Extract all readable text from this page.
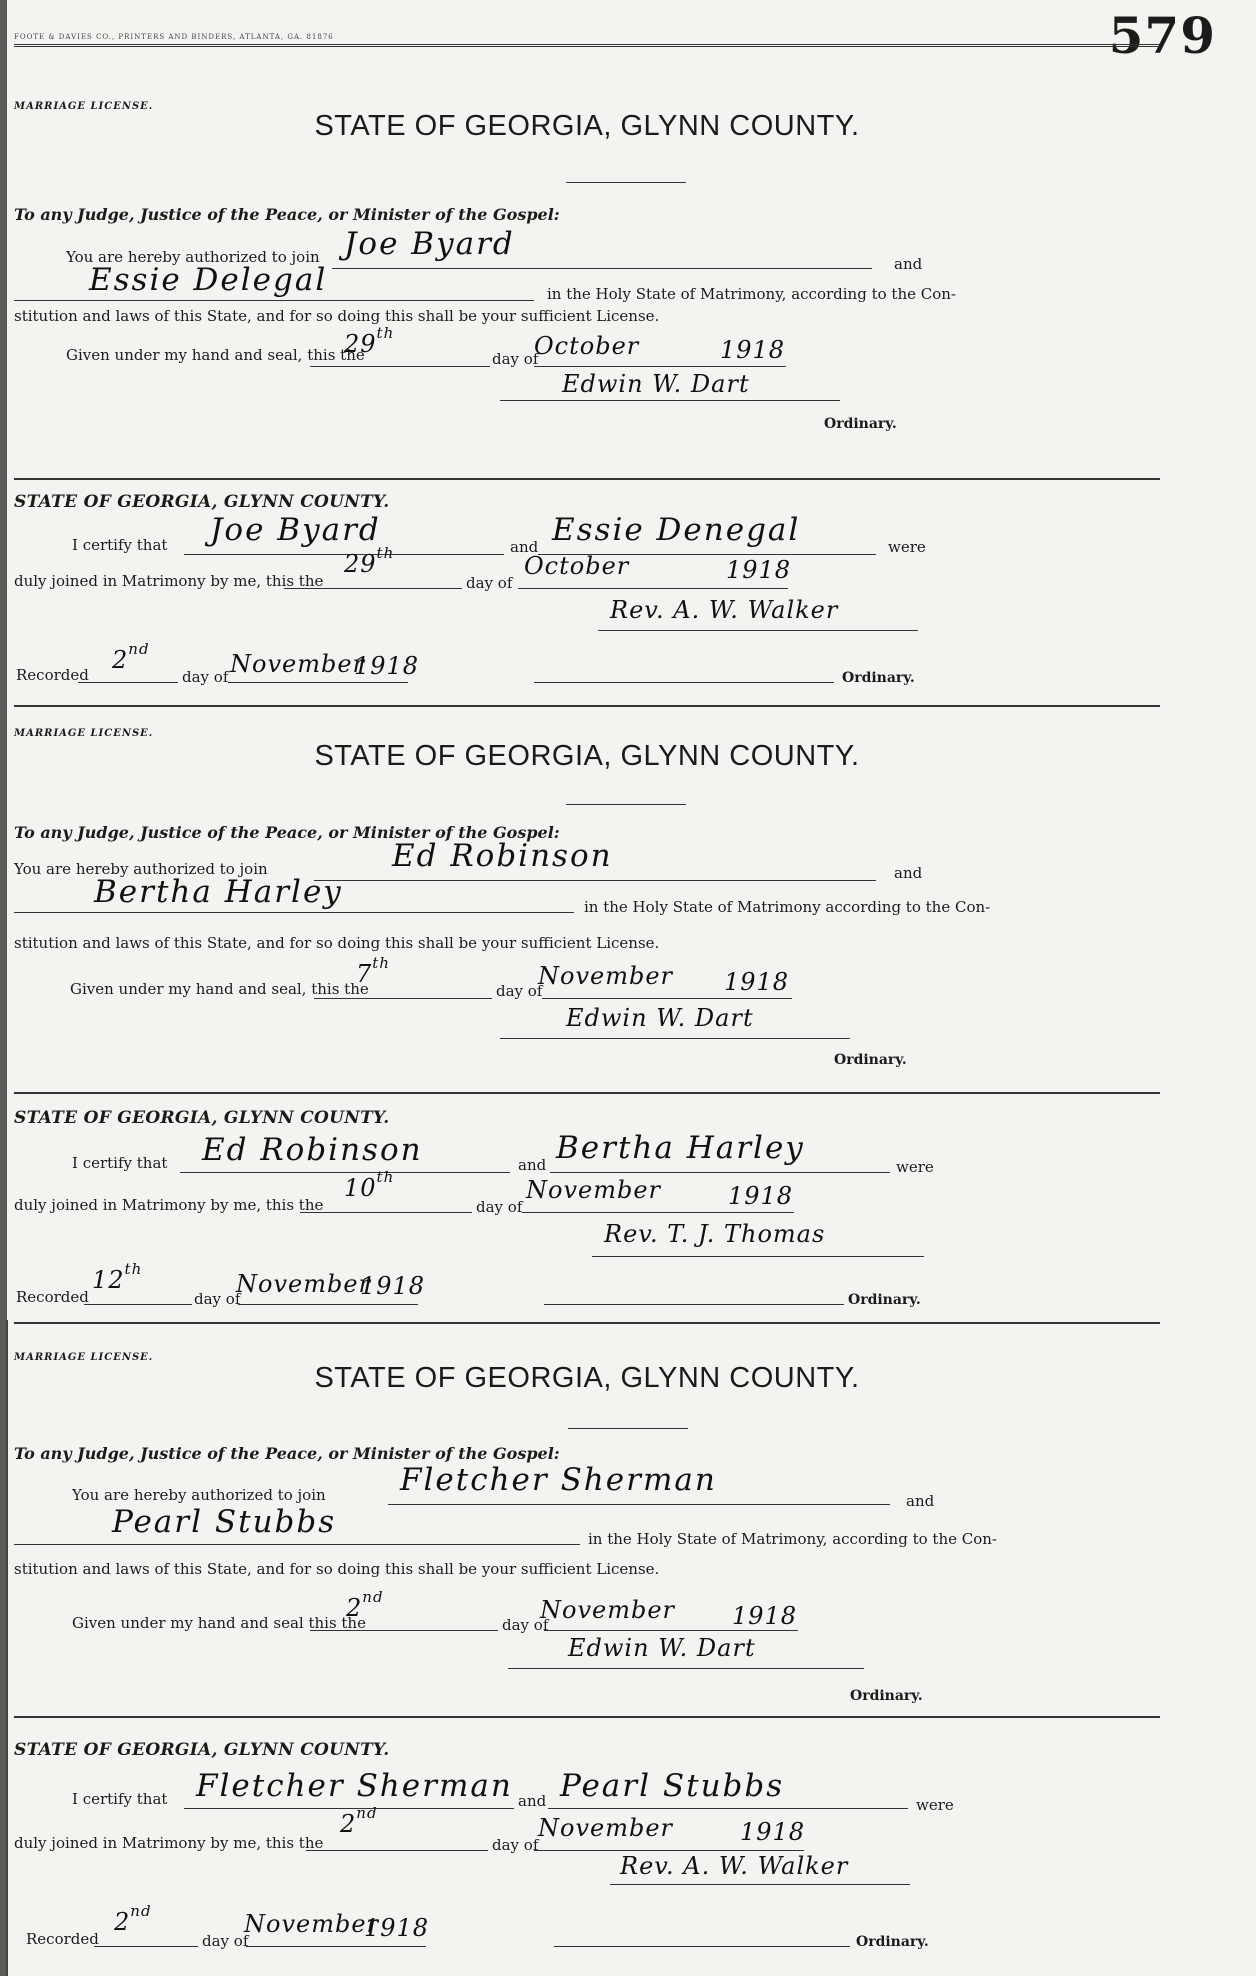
579
FOOTE & DAVIES CO., PRINTERS AND BINDERS, ATLANTA, GA. 81876
MARRIAGE LICENSE.
STATE OF GEORGIA, GLYNN COUNTY.
To any Judge, Justice of the Peace, or Minister of the Gospel:
You are hereby authorized to join Joe Byard
and
Essie Delegal	in the Holy State of Matrimony, according to the Con-
stitution and laws of this State, and for so doing this shall be your sufficient License.
Given under my hand and seal, this the
29th
day of
October	1918
Edwin W. Dart
Ordinary.
STATE OF GEORGIA, GLYNN COUNTY.
I certify that Joe Byard	and Essie Denegal	were
duly joined in Matrimony by me, this the
29th
day of
October	1918
Rev. A. W. Walker
Recorded
2nd
day of November
1918	Ordinary.
MARRIAGE LICENSE.
STATE OF GEORGIA, GLYNN COUNTY.
To any Judge, Justice of the Peace, or Minister of the Gospel:
You are hereby authorized to join	Ed Robinson	and
Bertha Harley	in the Holy State of Matrimony according to the Con-
stitution and laws of this State, and for so doing this shall be your sufficient License.
Given under my hand and seal, this the
7th
day of
November 1918
Edwin W. Dart
Ordinary.
STATE OF GEORGIA, GLYNN COUNTY.
I certify that Ed Robinson	and Bertha Harley
were
duly joined in Matrimony by me, this the
10th
day of
November	1918
Rev. T. J. Thomas
Recorded
12th
day of
November
1918	Ordinary.
MARRIAGE LICENSE.
STATE OF GEORGIA, GLYNN COUNTY.
To any Judge, Justice of the Peace, or Minister of the Gospel:
You are hereby authorized to join Fletcher Sherman
and
Pearl Stubbs	in the Holy State of Matrimony, according to the Con-
stitution and laws of this State, and for so doing this shall be your sufficient License.
Given under my hand and seal this the
2nd
day of
November 1918
Edwin W. Dart
Ordinary.
STATE OF GEORGIA, GLYNN COUNTY.
I certify that Fletcher Sherman and Pearl Stubbs
were
duly joined in Matrimony by me, this the
2nd
day of
November	1918
Rev. A. W. Walker
Recorded
2nd
day of
November
1918	Ordinary.
